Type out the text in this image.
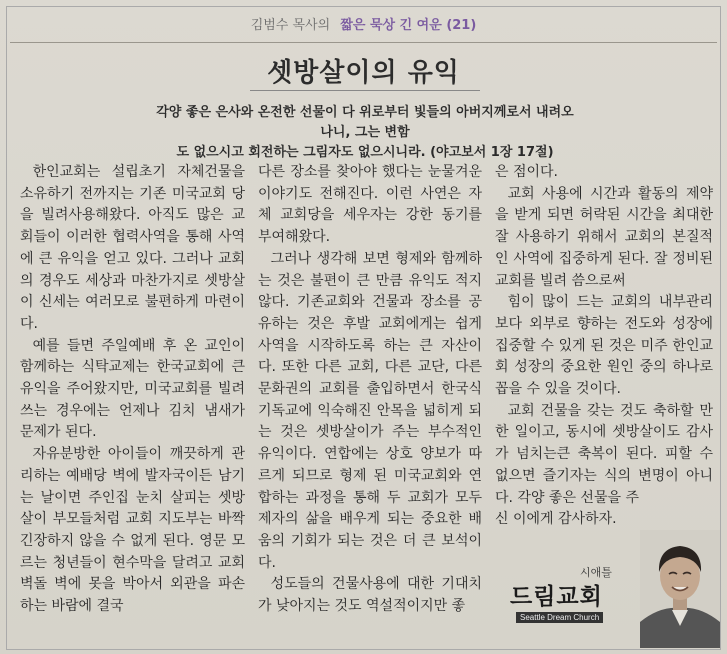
김범수 목사의 짧은 묵상 긴 여운 (21)
셋방살이의 유익
각양 좋은 은사와 온전한 선물이 다 위로부터 빛들의 아버지께로서 내려오나니, 그는 변함
도 없으시고 회전하는 그림자도 없으시니라. (야고보서 1장 17절)

한인교회는 설립초기 자체건물을 소유하기 전까지는 기존 미국교회 당을 빌려사용해왔다. 아직도 많은 교회들이 이러한 협력사역을 통해 사역에 큰 유익을 얻고 있다. 그러나 교회의 경우도 세상과 마찬가지로 셋방살이 신세는 여러모로 불편하게 마련이다.

예를 들면 주일예배 후 온 교인이 함께하는 식탁교제는 한국교회에 큰 유익을 주어왔지만, 미국교회를 빌려 쓰는 경우에는 언제나 김치 냄새가 문제가 된다.

자유분방한 아이들이 깨끗하게 관리하는 예배당 벽에 발자국이든 남기는 날이면 주인집 눈치 살피는 셋방살이 부모들처럼 교회 지도부는 바짝 긴장하지 않을 수 없게 된다. 영문 모르는 청년들이 현수막을 달려고 교회 벽돌 벽에 못을 박아서 외관을 파손하는 바람에 결국

다른 장소를 찾아야 했다는 눈물겨운 이야기도 전해진다. 이런 사연은 자체 교회당을 세우자는 강한 동기를 부여해왔다.

그러나 생각해 보면 형제와 함께하는 것은 불편이 큰 만큼 유익도 적지 않다. 기존교회와 건물과 장소를 공유하는 것은 후발 교회에게는 쉽게 사역을 시작하도록 하는 큰 자산이다. 또한 다른 교회, 다른 교단, 다른 문화권의 교회를 출입하면서 한국식 기독교에 익숙해진 안목을 넓히게 되는 것은 셋방살이가 주는 부수적인 유익이다. 연합에는 상호 양보가 따르게 되므로 형제 된 미국교회와 연합하는 과정을 통해 두 교회가 모두 제자의 삶을 배우게 되는 중요한 배움의 기회가 되는 것은 더 큰 보석이다.

성도들의 건물사용에 대한 기대치가 낮아지는 것도 역설적이지만 좋

은 점이다.

교회 사용에 시간과 활동의 제약을 받게 되면 허락된 시간을 최대한 잘 사용하기 위해서 교회의 본질적인 사역에 집중하게 된다. 잘 정비된 교회를 빌려 씀으로써

힘이 많이 드는 교회의 내부관리보다 외부로 향하는 전도와 성장에 집중할 수 있게 된 것은 미주 한인교회 성장의 중요한 원인 중의 하나로 꼽을 수 있을 것이다.

교회 건물을 갖는 것도 축하할 만한 일이고, 동시에 셋방살이도 감사가 넘치는큰 축복이 된다. 피할 수 없으면 즐기자는 식의 변명이 아니다. 각양 좋은 선물을 주

신 이에게 감사하자.

시애틀
드림교회
Seattle Dream Church
